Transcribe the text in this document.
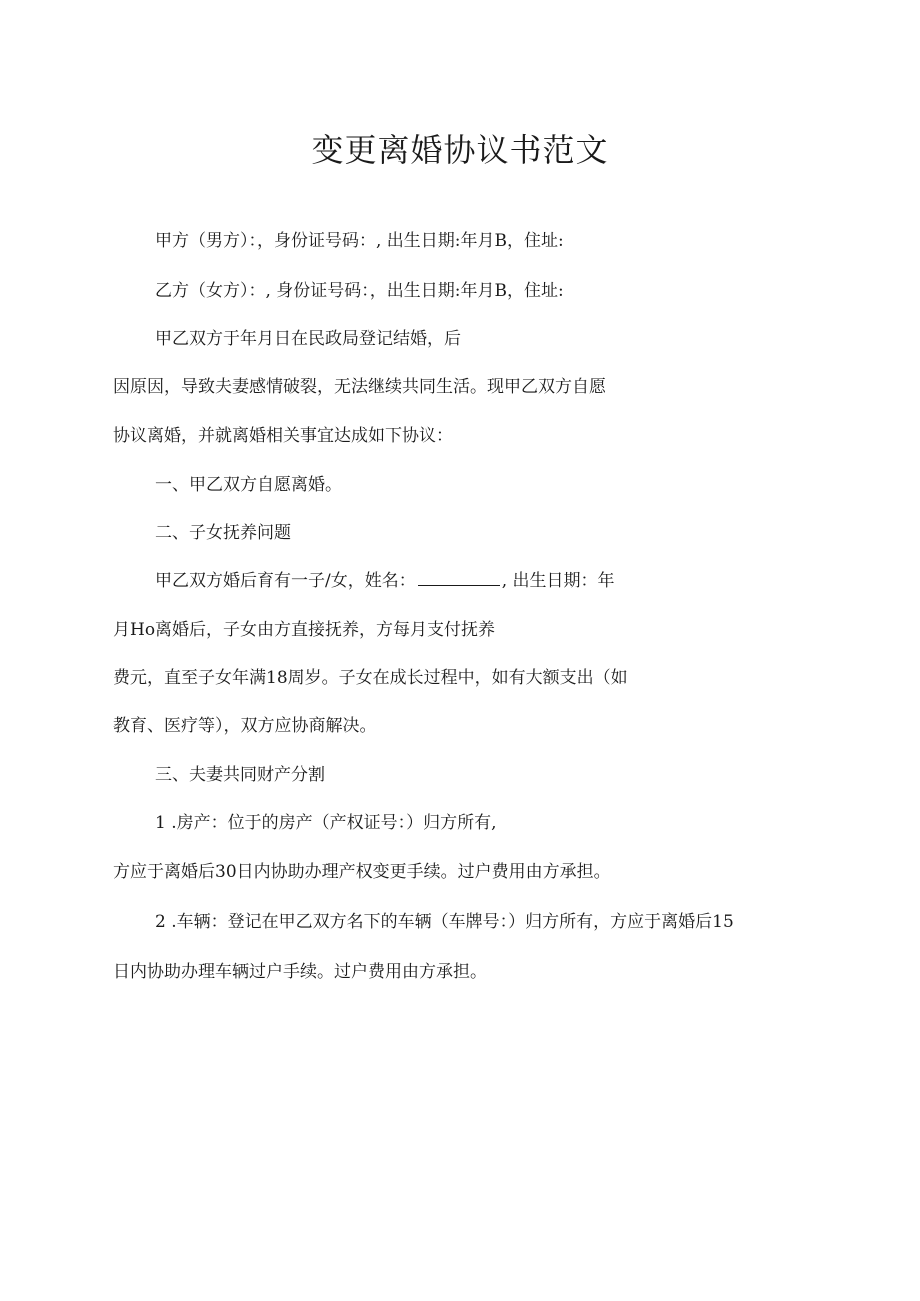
变更离婚协议书范文

甲方（男方）：，身份证号码：, 出生日期:年月B，住址:

乙方（女方）：, 身份证号码：，出生日期:年月B，住址:

甲乙双方于年月日在民政局登记结婚，后

因原因，导致夫妻感情破裂，无法继续共同生活。现甲乙双方自愿

协议离婚，并就离婚相关事宜达成如下协议：

一、甲乙双方自愿离婚。

二、子女抚养问题

甲乙双方婚后育有一子/女，姓名：	, 出生日期：年

月Ho离婚后，子女由方直接抚养，方每月支付抚养

费元，直至子女年满18周岁。子女在成长过程中，如有大额支出（如

教育、医疗等），双方应协商解决。

三、夫妻共同财产分割

1 .房产：位于的房产（产权证号：）归方所有,

方应于离婚后30日内协助办理产权变更手续。过户费用由方承担。

2 .车辆：登记在甲乙双方名下的车辆（车牌号：）归方所有，方应于离婚后15

日内协助办理车辆过户手续。过户费用由方承担。
